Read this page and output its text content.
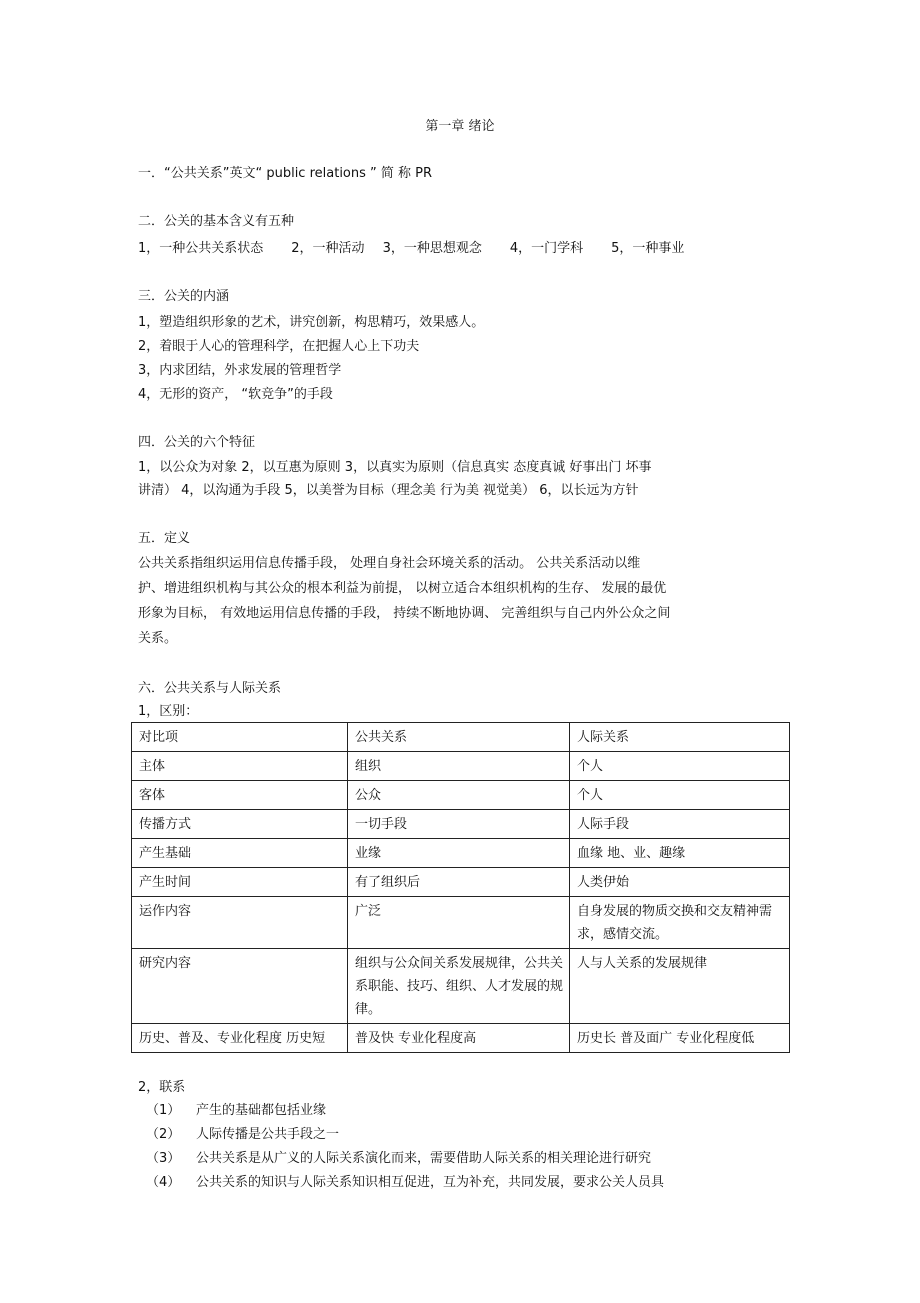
第一章 绪论
一．“公共关系”英文“ public relations ” 简 称 PR
二．公关的基本含义有五种
1，一种公共关系状态 2，一种活动 3，一种思想观念 4，一门学科 5，一种事业
三．公关的内涵
1，塑造组织形象的艺术，讲究创新，构思精巧，效果感人。
2，着眼于人心的管理科学，在把握人心上下功夫
3，内求团结，外求发展的管理哲学
4，无形的资产， “软竞争”的手段
四．公关的六个特征
1，以公众为对象 2，以互惠为原则 3，以真实为原则（信息真实 态度真诚 好事出门 坏事
讲清） 4，以沟通为手段 5，以美誉为目标（理念美 行为美 视觉美） 6，以长远为方针
五．定义
公共关系指组织运用信息传播手段， 处理自身社会环境关系的活动。 公共关系活动以维
护、增进组织机构与其公众的根本利益为前提， 以树立适合本组织机构的生存、 发展的最优
形象为目标， 有效地运用信息传播的手段， 持续不断地协调、 完善组织与自己内外公众之间
关系。
六．公共关系与人际关系
1，区别：
对比项	公共关系	人际关系
主体	组织	个人
客体	公众	个人
传播方式	一切手段	人际手段
产生基础	业缘	血缘 地、业、趣缘
产生时间	有了组织后	人类伊始
运作内容	广泛	自身发展的物质交换和交友精神需求，感情交流。
研究内容	组织与公众间关系发展规律，公共关系职能、技巧、组织、人才发展的规律。	人与人关系的发展规律
历史、普及、专业化程度 历史短	普及快 专业化程度高	历史长 普及面广 专业化程度低
2，联系
（1） 产生的基础都包括业缘
（2） 人际传播是公共手段之一
（3） 公共关系是从广义的人际关系演化而来，需要借助人际关系的相关理论进行研究
（4） 公共关系的知识与人际关系知识相互促进，互为补充，共同发展，要求公关人员具
